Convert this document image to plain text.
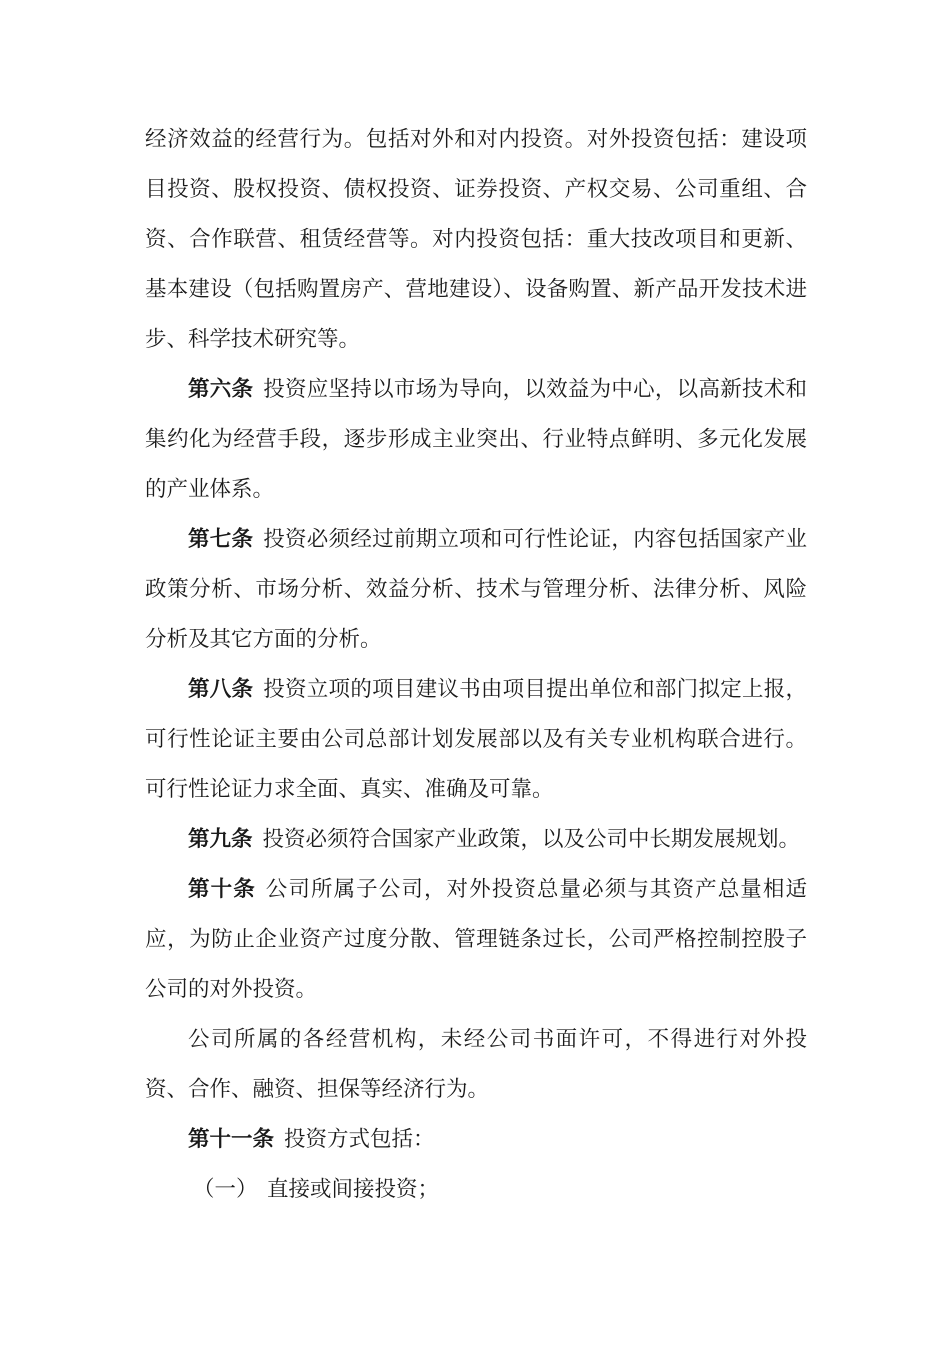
经济效益的经营行为。包括对外和对内投资。对外投资包括：建设项目投资、股权投资、债权投资、证券投资、产权交易、公司重组、合资、合作联营、租赁经营等。对内投资包括：重大技改项目和更新、基本建设（包括购置房产、营地建设）、设备购置、新产品开发技术进步、科学技术研究等。

第六条 投资应坚持以市场为导向，以效益为中心，以高新技术和集约化为经营手段，逐步形成主业突出、行业特点鲜明、多元化发展的产业体系。

第七条 投资必须经过前期立项和可行性论证，内容包括国家产业政策分析、市场分析、效益分析、技术与管理分析、法律分析、风险分析及其它方面的分析。

第八条 投资立项的项目建议书由项目提出单位和部门拟定上报，可行性论证主要由公司总部计划发展部以及有关专业机构联合进行。可行性论证力求全面、真实、准确及可靠。

第九条 投资必须符合国家产业政策，以及公司中长期发展规划。

第十条 公司所属子公司，对外投资总量必须与其资产总量相适应，为防止企业资产过度分散、管理链条过长，公司严格控制控股子公司的对外投资。

公司所属的各经营机构，未经公司书面许可，不得进行对外投资、合作、融资、担保等经济行为。

第十一条 投资方式包括：

（一） 直接或间接投资；
